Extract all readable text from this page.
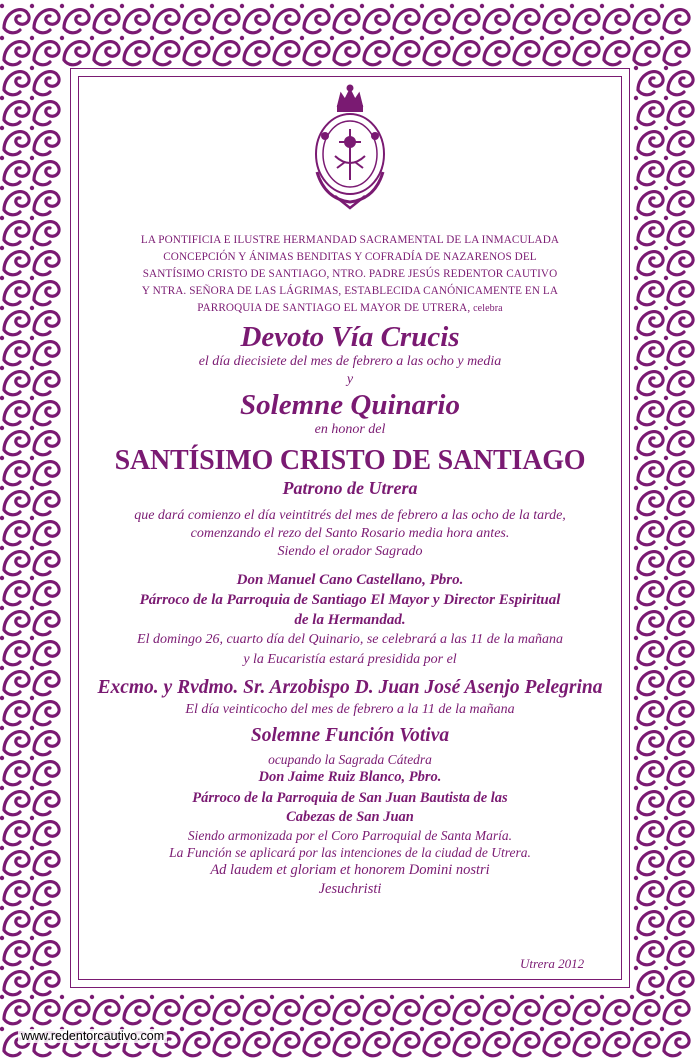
LA PONTIFICIA E ILUSTRE HERMANDAD SACRAMENTAL DE LA INMACULADA
CONCEPCIÓN Y ÁNIMAS BENDITAS Y COFRADÍA DE NAZARENOS DEL
SANTÍSIMO CRISTO DE SANTIAGO, NTRO. PADRE JESÚS REDENTOR CAUTIVO
Y NTRA. SEÑORA DE LAS LÁGRIMAS, ESTABLECIDA CANÓNICAMENTE EN LA
PARROQUIA DE SANTIAGO EL MAYOR DE UTRERA, celebra
Devoto Vía Crucis
el día diecisiete del mes de febrero a las ocho y media
y
Solemne Quinario
en honor del
SANTÍSIMO CRISTO DE SANTIAGO
Patrono de Utrera
que dará comienzo el día veintitrés del mes de febrero a las ocho de la tarde,
comenzando el rezo del Santo Rosario media hora antes.
Siendo el orador Sagrado
Don Manuel Cano Castellano, Pbro.
Párroco de la Parroquia de Santiago El Mayor y Director Espiritual
de la Hermandad.
El domingo 26, cuarto día del Quinario, se celebrará a las 11 de la mañana
y la Eucaristía estará presidida por el
Excmo. y Rvdmo. Sr. Arzobispo D. Juan José Asenjo Pelegrina
El día veinticocho del mes de febrero a la 11 de la mañana
Solemne Función Votiva
ocupando la Sagrada Cátedra
Don Jaime Ruiz Blanco, Pbro.
Párroco de la Parroquia de San Juan Bautista de las
Cabezas de San Juan
Siendo armonizada por el Coro Parroquial de Santa María.
La Función se aplicará por las intenciones de la ciudad de Utrera.
Ad laudem et gloriam et honorem Domini nostri
Jesuchristi
Utrera 2012
www.redentorcautivo.com
